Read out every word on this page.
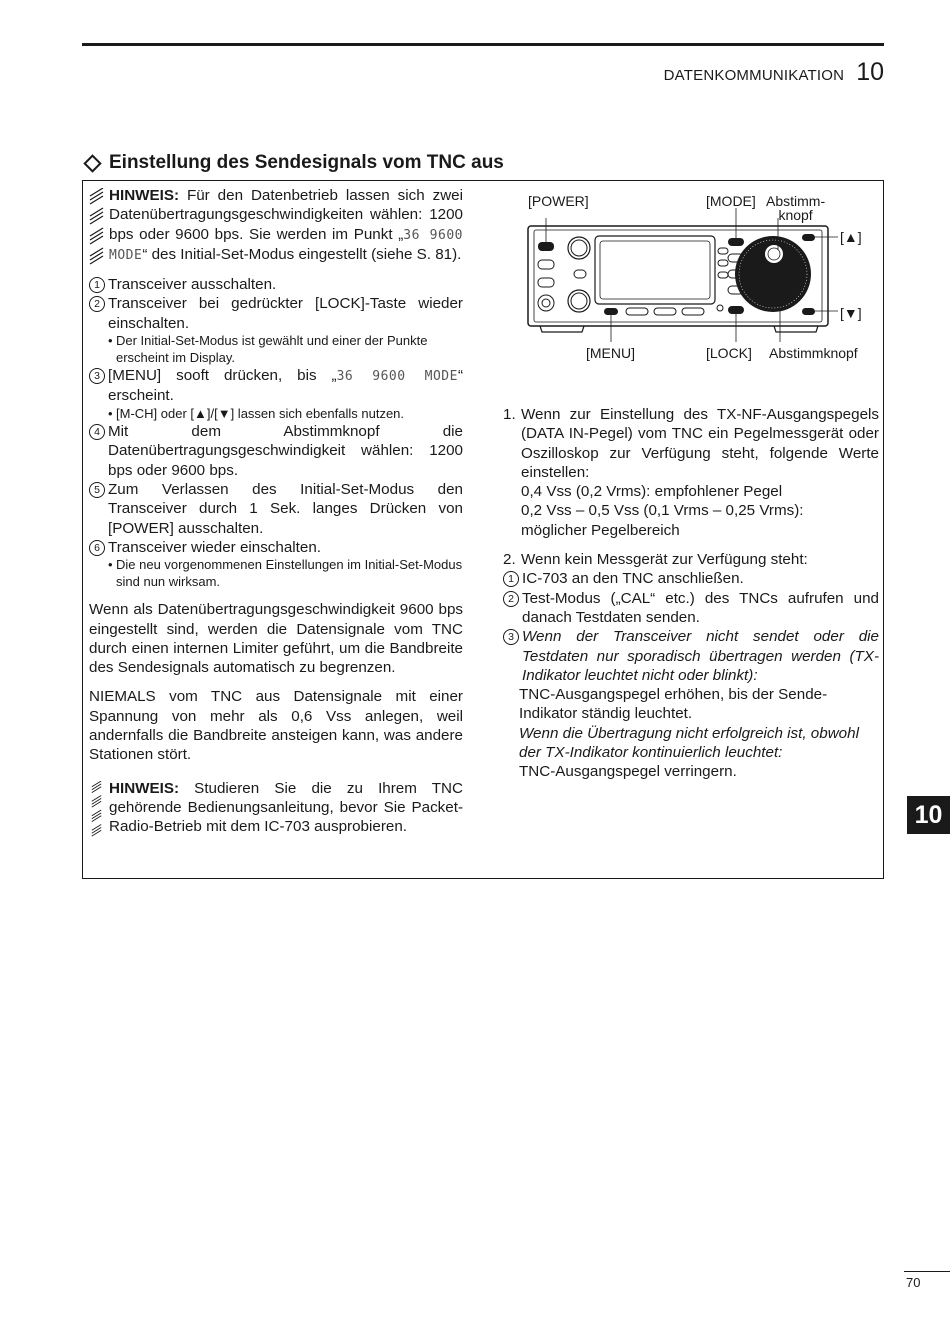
DATENKOMMUNIKATION 10
Einstellung des Sendesignals vom TNC aus
HINWEIS: Für den Datenbetrieb lassen sich zwei Datenübertragungsgeschwindigkeiten wählen: 1200 bps oder 9600 bps. Sie werden im Punkt „36 9600 MODE“ des Initial-Set-Modus eingestellt (siehe S. 81).
1 Transceiver ausschalten.
2 Transceiver bei gedrückter [LOCK]-Taste wieder einschalten.
• Der Initial-Set-Modus ist gewählt und einer der Punkte erscheint im Display.
3 [MENU] sooft drücken, bis „36 9600 MODE“ erscheint.
• [M-CH] oder [▲]/[▼] lassen sich ebenfalls nutzen.
4 Mit dem Abstimmknopf die Datenübertragungsgeschwindigkeit wählen: 1200 bps oder 9600 bps.
5 Zum Verlassen des Initial-Set-Modus den Transceiver durch 1 Sek. langes Drücken von [POWER] ausschalten.
6 Transceiver wieder einschalten.
• Die neu vorgenommenen Einstellungen im Initial-Set-Modus sind nun wirksam.

Wenn als Datenübertragungsgeschwindigkeit 9600 bps eingestellt sind, werden die Datensignale vom TNC durch einen internen Limiter geführt, um die Bandbreite des Sendesignals automatisch zu begrenzen.

NIEMALS vom TNC aus Datensignale mit einer Spannung von mehr als 0,6 Vss anlegen, weil andernfalls die Bandbreite ansteigen kann, was andere Stationen stört.

HINWEIS: Studieren Sie die zu Ihrem TNC gehörende Bedienungsanleitung, bevor Sie Packet-Radio-Betrieb mit dem IC-703 ausprobieren.
[POWER]	[MODE] Abstimm-
knopf
[▲]
[▼]
[MENU]	[LOCK] Abstimmknopf
1. Wenn zur Einstellung des TX-NF-Ausgangspegels (DATA IN-Pegel) vom TNC ein Pegelmessgerät oder Oszilloskop zur Verfügung steht, folgende Werte einstellen:

0,4 Vss (0,2 Vrms): empfohlener Pegel

0,2 Vss – 0,5 Vss (0,1 Vrms – 0,25 Vrms):

möglicher Pegelbereich

2. Wenn kein Messgerät zur Verfügung steht:

1 IC-703 an den TNC anschließen.
2 Test-Modus („CAL“ etc.) des TNCs aufrufen und danach Testdaten senden.
3 Wenn der Transceiver nicht sendet oder die Testdaten nur sporadisch übertragen werden (TX-Indikator leuchtet nicht oder blinkt):

TNC-Ausgangspegel erhöhen, bis der Sende-Indikator ständig leuchtet.

Wenn die Übertragung nicht erfolgreich ist, obwohl der TX-Indikator kontinuierlich leuchtet:

TNC-Ausgangspegel verringern.

10
70
